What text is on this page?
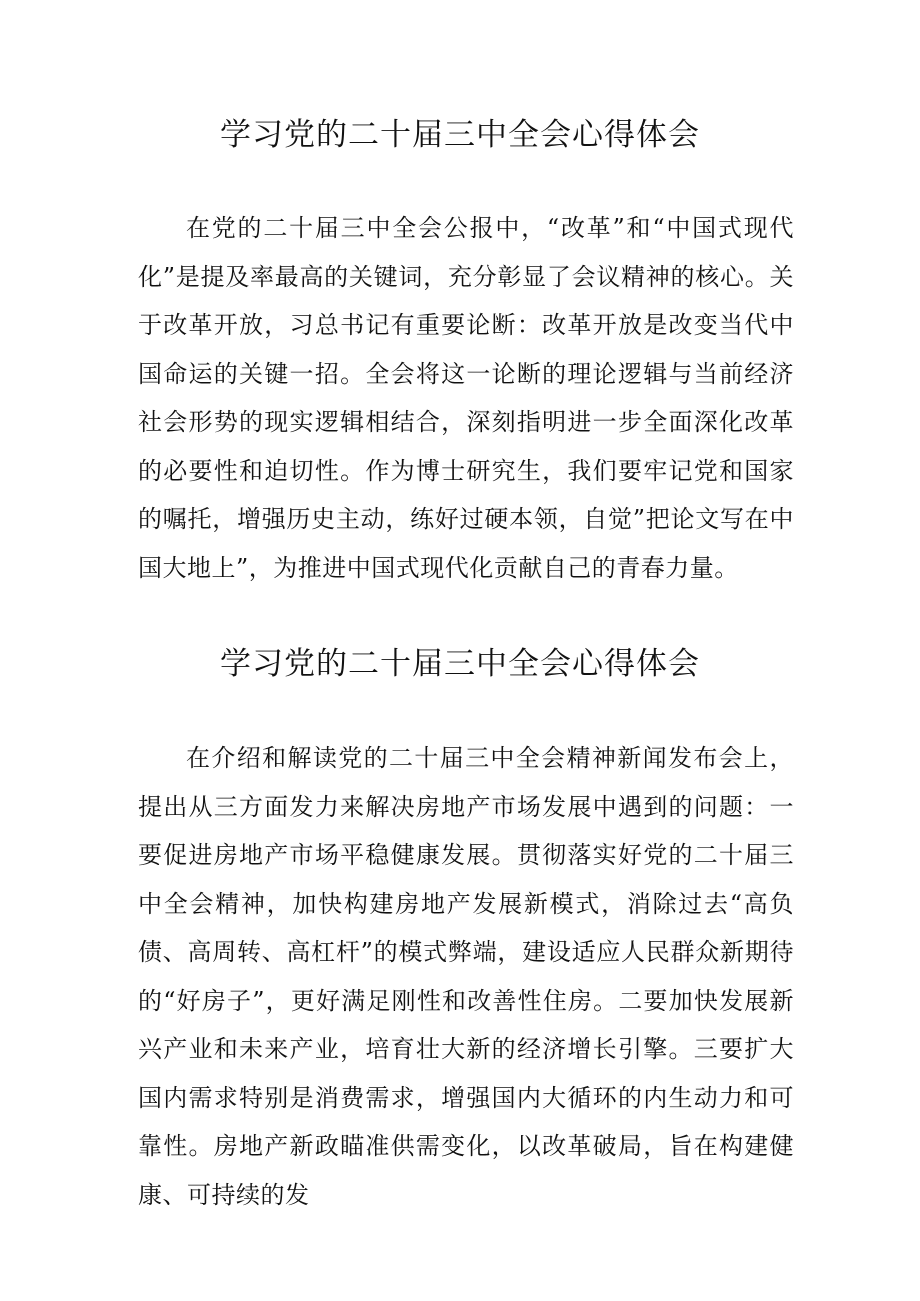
学习党的二十届三中全会心得体会

在党的二十届三中全会公报中，“改革”和“中国式现代化”是提及率最高的关键词，充分彰显了会议精神的核心。关于改革开放，习总书记有重要论断：改革开放是改变当代中国命运的关键一招。全会将这一论断的理论逻辑与当前经济社会形势的现实逻辑相结合，深刻指明进一步全面深化改革的必要性和迫切性。作为博士研究生，我们要牢记党和国家的嘱托，增强历史主动，练好过硬本领，自觉”把论文写在中国大地上”，为推进中国式现代化贡献自己的青春力量。

学习党的二十届三中全会心得体会

在介绍和解读党的二十届三中全会精神新闻发布会上，提出从三方面发力来解决房地产市场发展中遇到的问题：一要促进房地产市场平稳健康发展。贯彻落实好党的二十届三中全会精神，加快构建房地产发展新模式，消除过去“高负债、高周转、高杠杆”的模式弊端，建设适应人民群众新期待的“好房子”，更好满足刚性和改善性住房。二要加快发展新兴产业和未来产业，培育壮大新的经济增长引擎。三要扩大国内需求特别是消费需求，增强国内大循环的内生动力和可靠性。房地产新政瞄准供需变化，以改革破局，旨在构建健康、可持续的发
